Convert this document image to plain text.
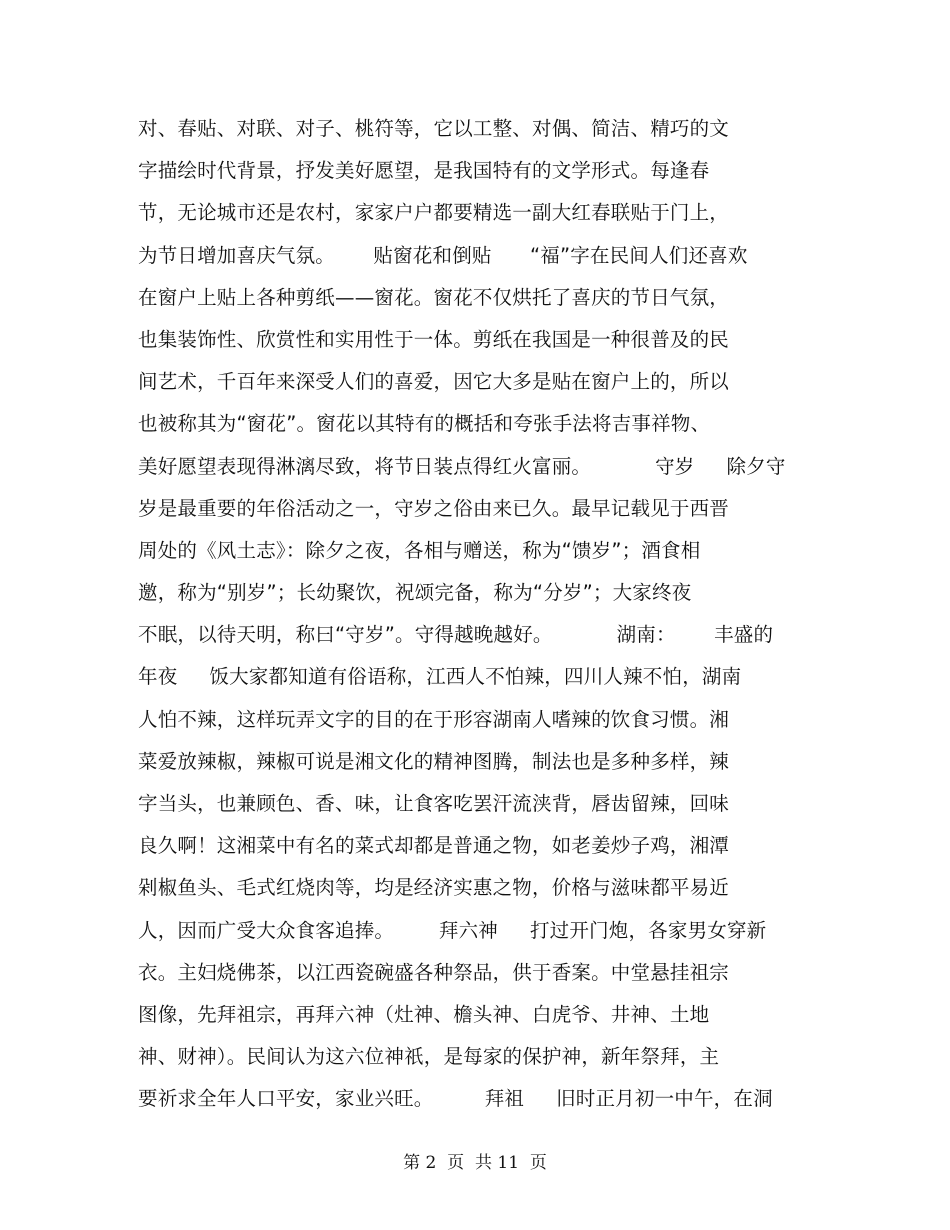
对、春贴、对联、对子、桃符等，它以工整、对偶、简洁、精巧的文
字描绘时代背景，抒发美好愿望，是我国特有的文学形式。每逢春
节，无论城市还是农村，家家户户都要精选一副大红春联贴于门上，
为节日增加喜庆气氛。      贴窗花和倒贴      “福”字在民间人们还喜欢
在窗户上贴上各种剪纸——窗花。窗花不仅烘托了喜庆的节日气氛，
也集装饰性、欣赏性和实用性于一体。剪纸在我国是一种很普及的民
间艺术，千百年来深受人们的喜爱，因它大多是贴在窗户上的，所以
也被称其为“窗花”。窗花以其特有的概括和夸张手法将吉事祥物、
美好愿望表现得淋漓尽致，将节日装点得红火富丽。          守岁     除夕守
岁是最重要的年俗活动之一，守岁之俗由来已久。最早记载见于西晋
周处的《风土志》：除夕之夜，各相与赠送，称为“馈岁”；酒食相
邀，称为“别岁”；长幼聚饮，祝颂完备，称为“分岁”；大家终夜
不眠，以待天明，称曰“守岁”。守得越晚越好。          湖南：      丰盛的
年夜     饭大家都知道有俗语称，江西人不怕辣，四川人辣不怕，湖南
人怕不辣，这样玩弄文字的目的在于形容湖南人嗜辣的饮食习惯。湘
菜爱放辣椒，辣椒可说是湘文化的精神图腾，制法也是多种多样，辣
字当头，也兼顾色、香、味，让食客吃罢汗流浃背，唇齿留辣，回味
良久啊！这湘菜中有名的菜式却都是普通之物，如老姜炒子鸡，湘潭
剁椒鱼头、毛式红烧肉等，均是经济实惠之物，价格与滋味都平易近
人，因而广受大众食客追捧。       拜六神     打过开门炮，各家男女穿新
衣。主妇烧佛茶，以江西瓷碗盛各种祭品，供于香案。中堂悬挂祖宗
图像，先拜祖宗，再拜六神（灶神、檐头神、白虎爷、井神、土地
神、财神）。民间认为这六位神祇，是每家的保护神，新年祭拜，主
要祈求全年人口平安，家业兴旺。        拜祖     旧时正月初一中午，在洞
第 2  页  共 11  页
